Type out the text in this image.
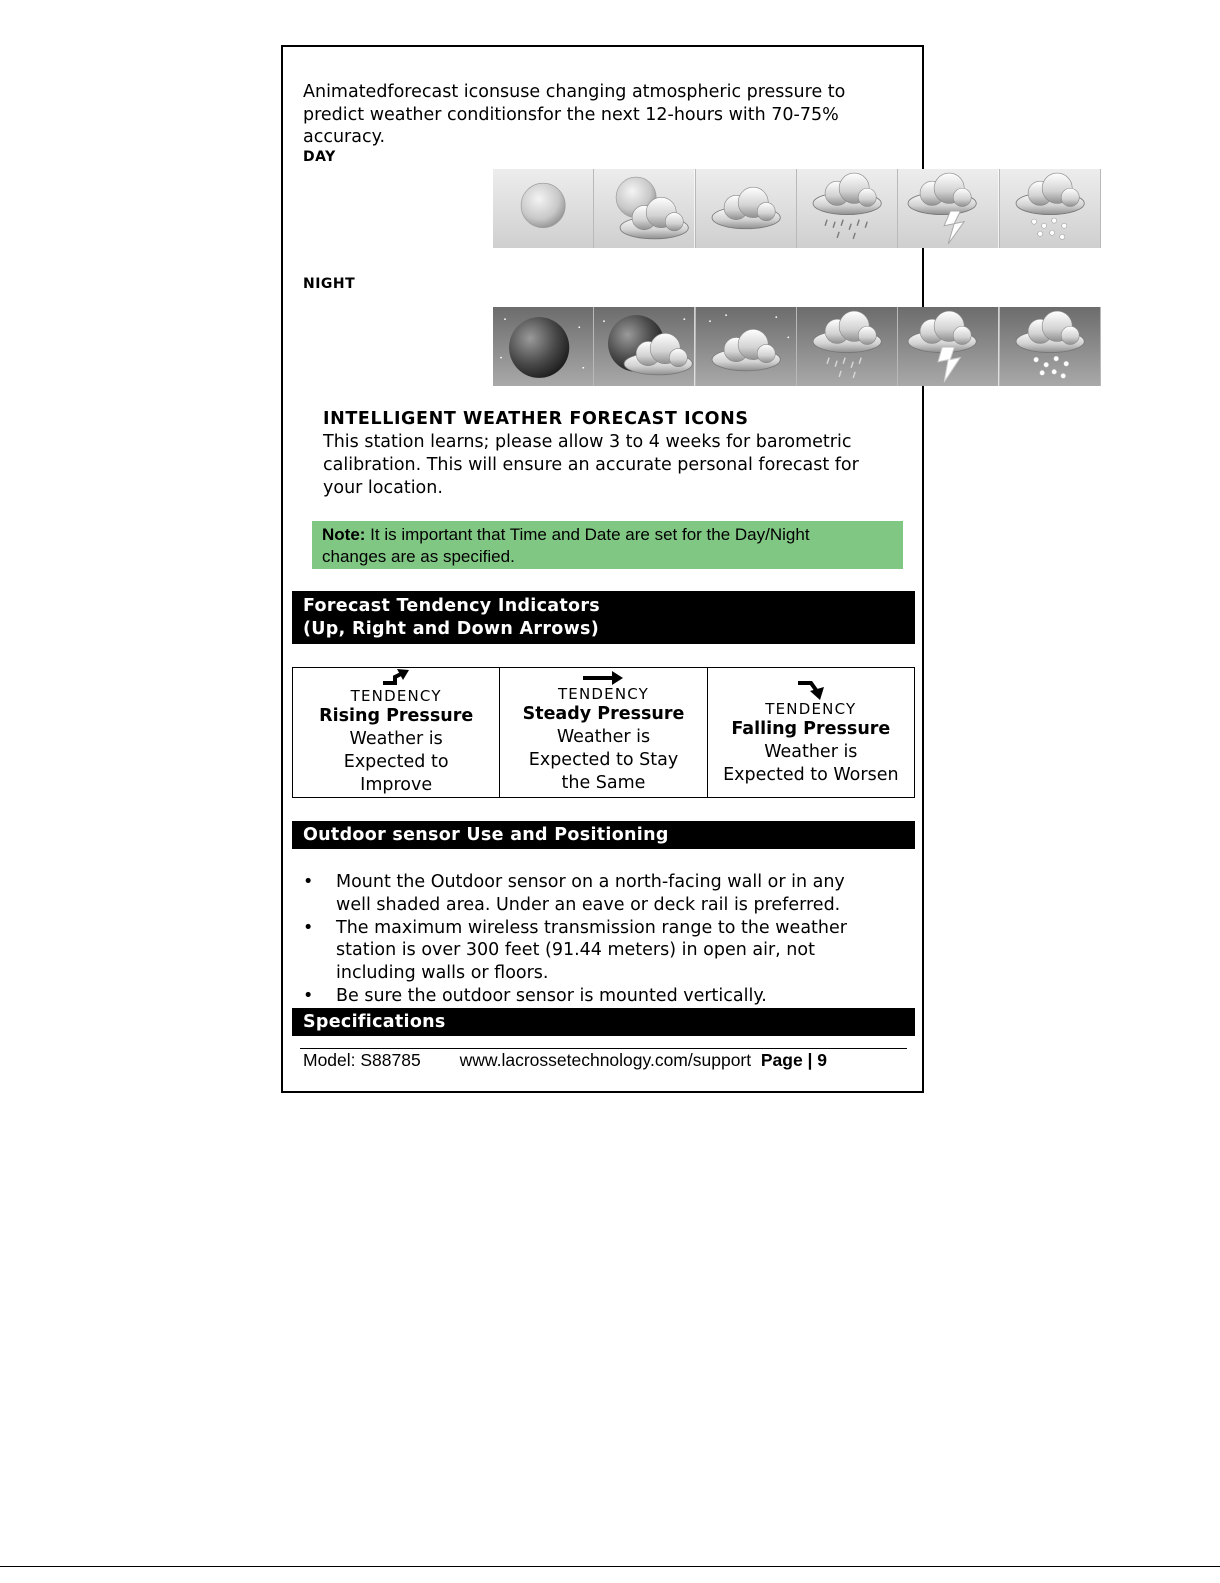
Animatedforecast iconsuse changing atmospheric pressure to
predict weather conditionsfor the next 12-hours with 70-75%
accuracy.
DAY
NIGHT
INTELLIGENT WEATHER FORECAST ICONS
This station learns; please allow 3 to 4 weeks for barometric
calibration. This will ensure an accurate personal forecast for
your location.
Note: It is important that Time and Date are set for the Day/Night
changes are as specified.
Forecast Tendency Indicators
(Up, Right and Down Arrows)
TENDENCY
Rising Pressure
Weather is
Expected to
Improve
TENDENCY
Steady Pressure
Weather is
Expected to Stay
the Same
TENDENCY
Falling Pressure
Weather is
Expected to Worsen
Outdoor sensor Use and Positioning
•	Mount the Outdoor sensor on a north-facing wall or in any
well shaded area. Under an eave or deck rail is preferred.
•	The maximum wireless transmission range to the weather
station is over 300 feet (91.44 meters) in open air, not
including walls or floors.
•	Be sure the outdoor sensor is mounted vertically.
Specifications
Model: S88785 www.lacrossetechnology.com/support Page | 9
